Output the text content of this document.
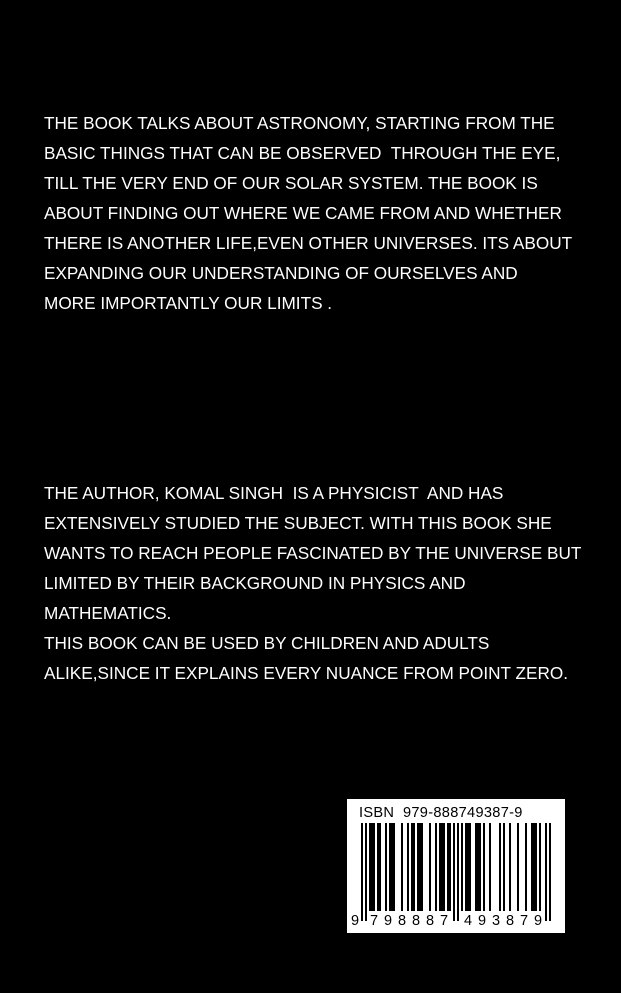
THE BOOK TALKS ABOUT ASTRONOMY, STARTING FROM THE
BASIC THINGS THAT CAN BE OBSERVED  THROUGH THE EYE,
TILL THE VERY END OF OUR SOLAR SYSTEM. THE BOOK IS
ABOUT FINDING OUT WHERE WE CAME FROM AND WHETHER
THERE IS ANOTHER LIFE,EVEN OTHER UNIVERSES. ITS ABOUT
EXPANDING OUR UNDERSTANDING OF OURSELVES AND
MORE IMPORTANTLY OUR LIMITS .
THE AUTHOR, KOMAL SINGH  IS A PHYSICIST  AND HAS
EXTENSIVELY STUDIED THE SUBJECT. WITH THIS BOOK SHE
WANTS TO REACH PEOPLE FASCINATED BY THE UNIVERSE BUT
LIMITED BY THEIR BACKGROUND IN PHYSICS AND
MATHEMATICS.
THIS BOOK CAN BE USED BY CHILDREN AND ADULTS
ALIKE,SINCE IT EXPLAINS EVERY NUANCE FROM POINT ZERO.
9 7 9 8 8 8 7 4 9 3 8 7 9
ISBN  979-888749387-9
